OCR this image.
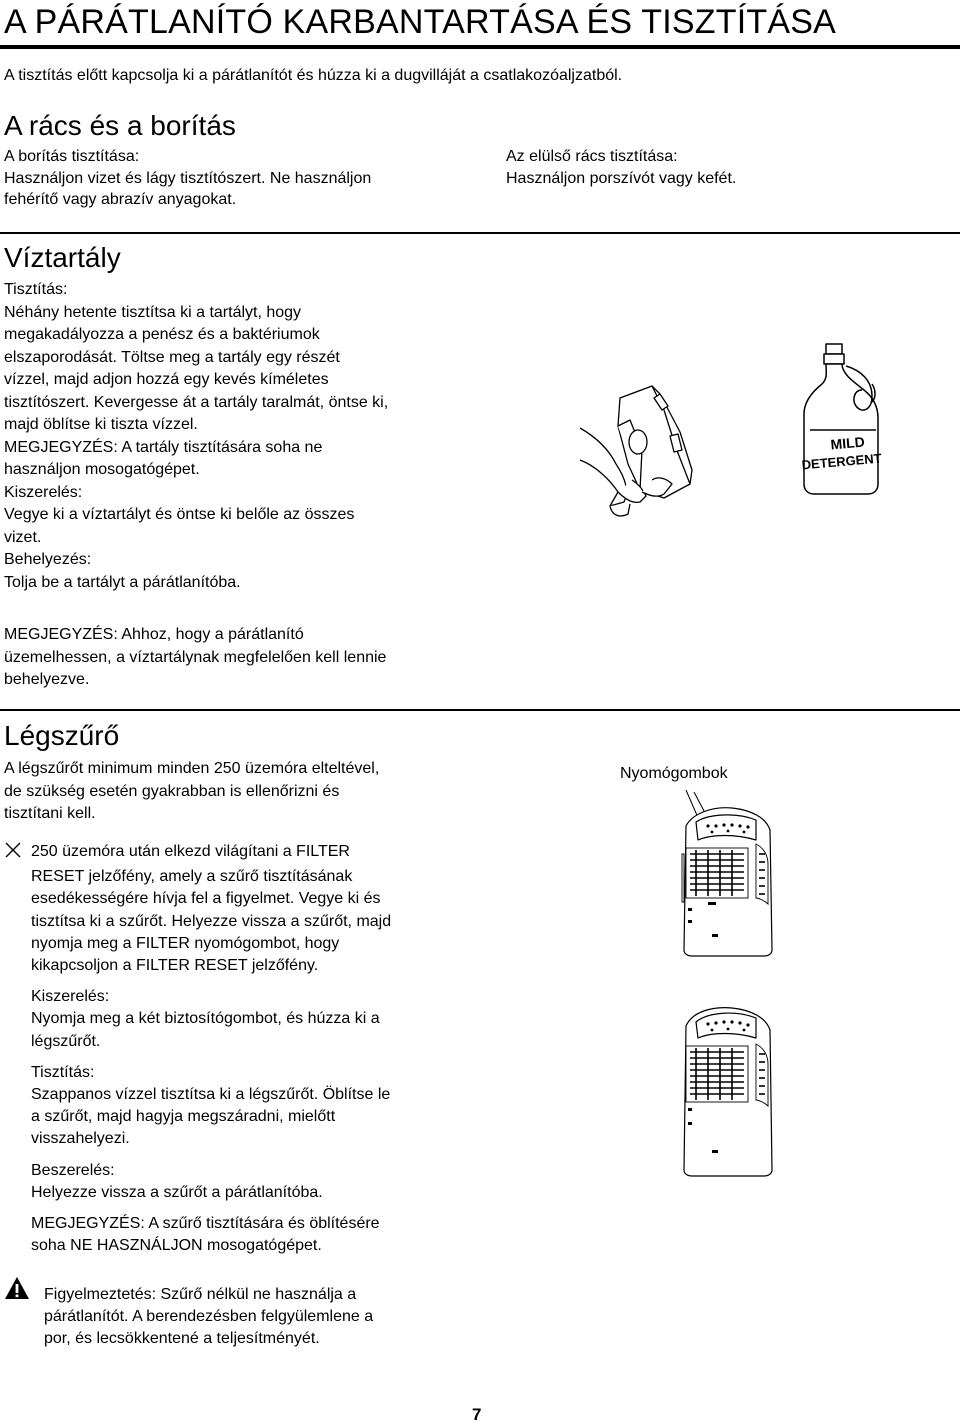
A PÁRÁTLANÍTÓ KARBANTARTÁSA ÉS TISZTÍTÁSA
A tisztítás előtt kapcsolja ki a párátlanítót és húzza ki a dugvilláját a csatlakozóaljzatból.
A rács és a borítás
A borítás tisztítása:
Használjon vizet és lágy tisztítószert. Ne használjon
fehérítő vagy abrazív anyagokat.
Az elülső rács tisztítása:
Használjon porszívót vagy kefét.
Víztartály
Tisztítás:
Néhány hetente tisztítsa ki a tartályt, hogy
megakadályozza a penész és a baktériumok
elszaporodását. Töltse meg a tartály egy részét
vízzel, majd adjon hozzá egy kevés kíméletes
tisztítószert. Kevergesse át a tartály taralmát, öntse ki,
majd öblítse ki tiszta vízzel.
MEGJEGYZÉS: A tartály tisztítására soha ne
használjon mosogatógépet.
Kiszerelés:
Vegye ki a víztartályt és öntse ki belőle az összes
vizet.
Behelyezés:
Tolja be a tartályt a párátlanítóba.
MEGJEGYZÉS: Ahhoz, hogy a párátlanító
üzemelhessen, a víztartálynak megfelelően kell lennie
behelyezve.
MILD
DETERGENT
Légszűrő
A légszűrőt minimum minden 250 üzemóra elteltével,
de szükség esetén gyakrabban is ellenőrizni és
tisztítani kell.
250 üzemóra után elkezd világítani a FILTER
RESET jelzőfény, amely a szűrő tisztításának
esedékességére hívja fel a figyelmet. Vegye ki és
tisztítsa ki a szűrőt. Helyezze vissza a szűrőt, majd
nyomja meg a FILTER nyomógombot, hogy
kikapcsoljon a FILTER RESET jelzőfény.
Kiszerelés:
Nyomja meg a két biztosítógombot, és húzza ki a
légszűrőt.
Tisztítás:
Szappanos vízzel tisztítsa ki a légszűrőt. Öblítse le
a szűrőt, majd hagyja megszáradni, mielőtt
visszahelyezi.
Beszerelés:
Helyezze vissza a szűrőt a párátlanítóba.
MEGJEGYZÉS: A szűrő tisztítására és öblítésére
soha NE HASZNÁLJON mosogatógépet.
Nyomógombok
Figyelmeztetés: Szűrő nélkül ne használja a
párátlanítót. A berendezésben felgyülemlene a
por, és lecsökkentené a teljesítményét.
7
